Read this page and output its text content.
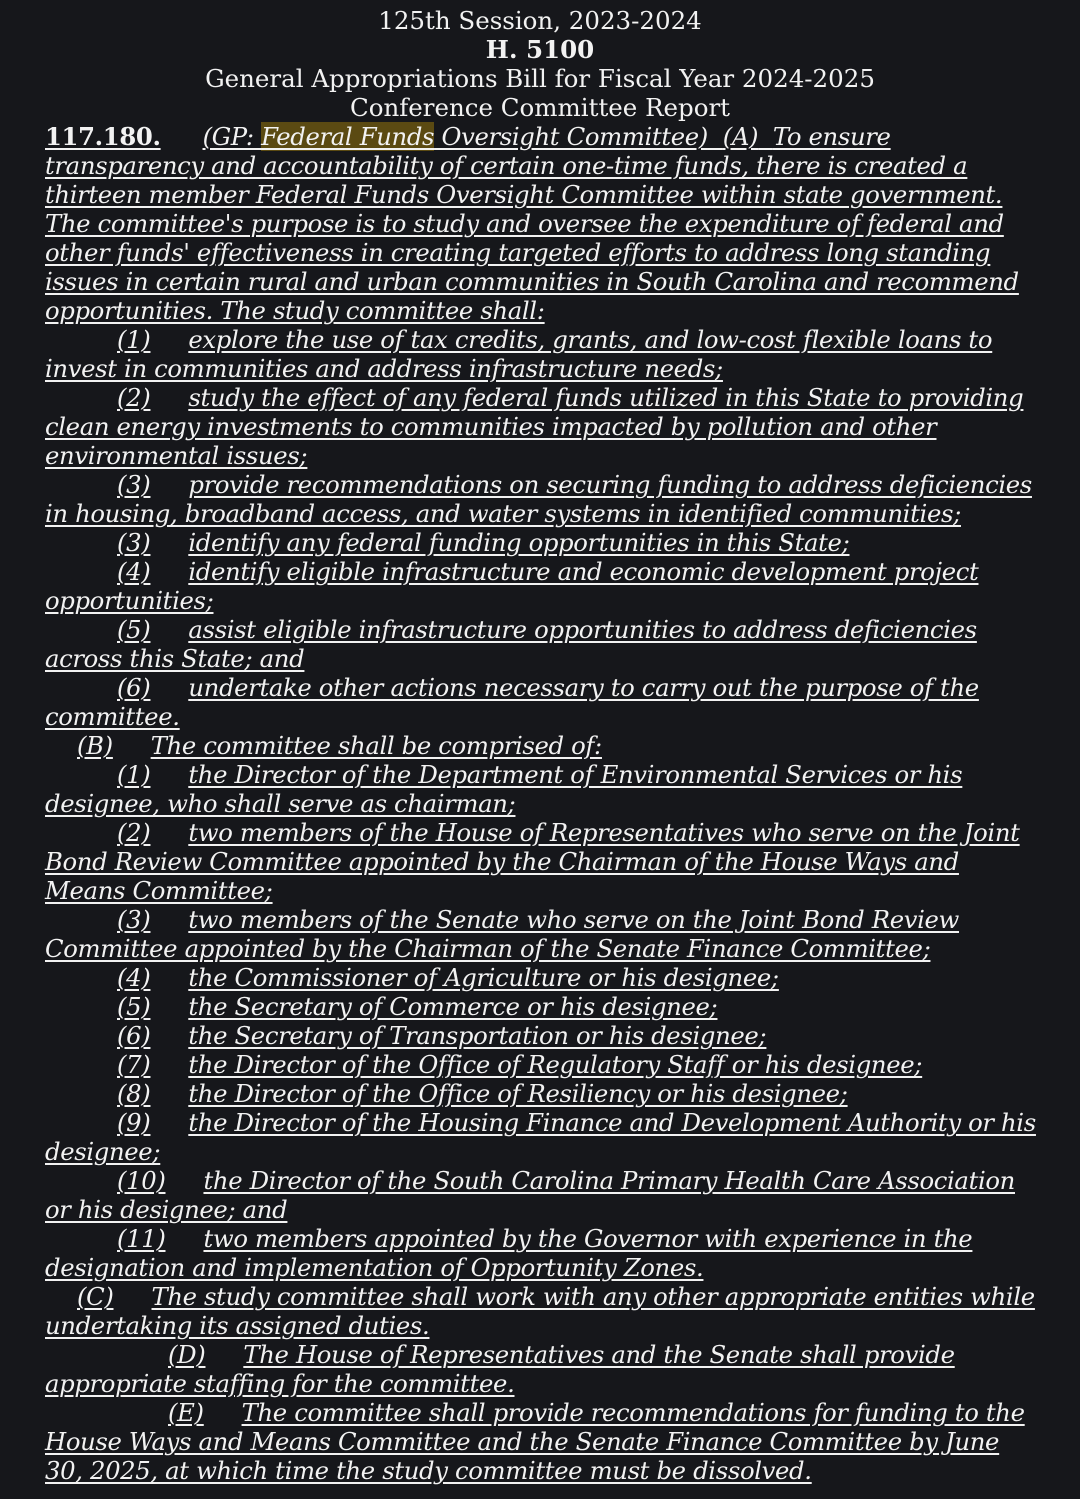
125th Session, 2023-2024
H. 5100
General Appropriations Bill for Fiscal Year 2024-2025
Conference Committee Report

117.180. (GP: Federal Funds Oversight Committee) (A) To ensure transparency and accountability of certain one-time funds, there is created a thirteen member Federal Funds Oversight Committee within state government. The committee's purpose is to study and oversee the expenditure of federal and other funds' effectiveness in creating targeted efforts to address long standing issues in certain rural and urban communities in South Carolina and recommend opportunities. The study committee shall:

(1) explore the use of tax credits, grants, and low-cost flexible loans to invest in communities and address infrastructure needs;

(2) study the effect of any federal funds utilized in this State to providing clean energy investments to communities impacted by pollution and other environmental issues;

(3) provide recommendations on securing funding to address deficiencies in housing, broadband access, and water systems in identified communities;

(3) identify any federal funding opportunities in this State;

(4) identify eligible infrastructure and economic development project opportunities;

(5) assist eligible infrastructure opportunities to address deficiencies across this State; and

(6) undertake other actions necessary to carry out the purpose of the committee.

(B) The committee shall be comprised of:

(1) the Director of the Department of Environmental Services or his designee, who shall serve as chairman;

(2) two members of the House of Representatives who serve on the Joint Bond Review Committee appointed by the Chairman of the House Ways and Means Committee;

(3) two members of the Senate who serve on the Joint Bond Review Committee appointed by the Chairman of the Senate Finance Committee;

(4) the Commissioner of Agriculture or his designee;

(5) the Secretary of Commerce or his designee;

(6) the Secretary of Transportation or his designee;

(7) the Director of the Office of Regulatory Staff or his designee;

(8) the Director of the Office of Resiliency or his designee;

(9) the Director of the Housing Finance and Development Authority or his designee;

(10) the Director of the South Carolina Primary Health Care Association or his designee; and

(11) two members appointed by the Governor with experience in the designation and implementation of Opportunity Zones.

(C) The study committee shall work with any other appropriate entities while undertaking its assigned duties.

(D) The House of Representatives and the Senate shall provide appropriate staffing for the committee.

(E) The committee shall provide recommendations for funding to the House Ways and Means Committee and the Senate Finance Committee by June 30, 2025, at which time the study committee must be dissolved.
